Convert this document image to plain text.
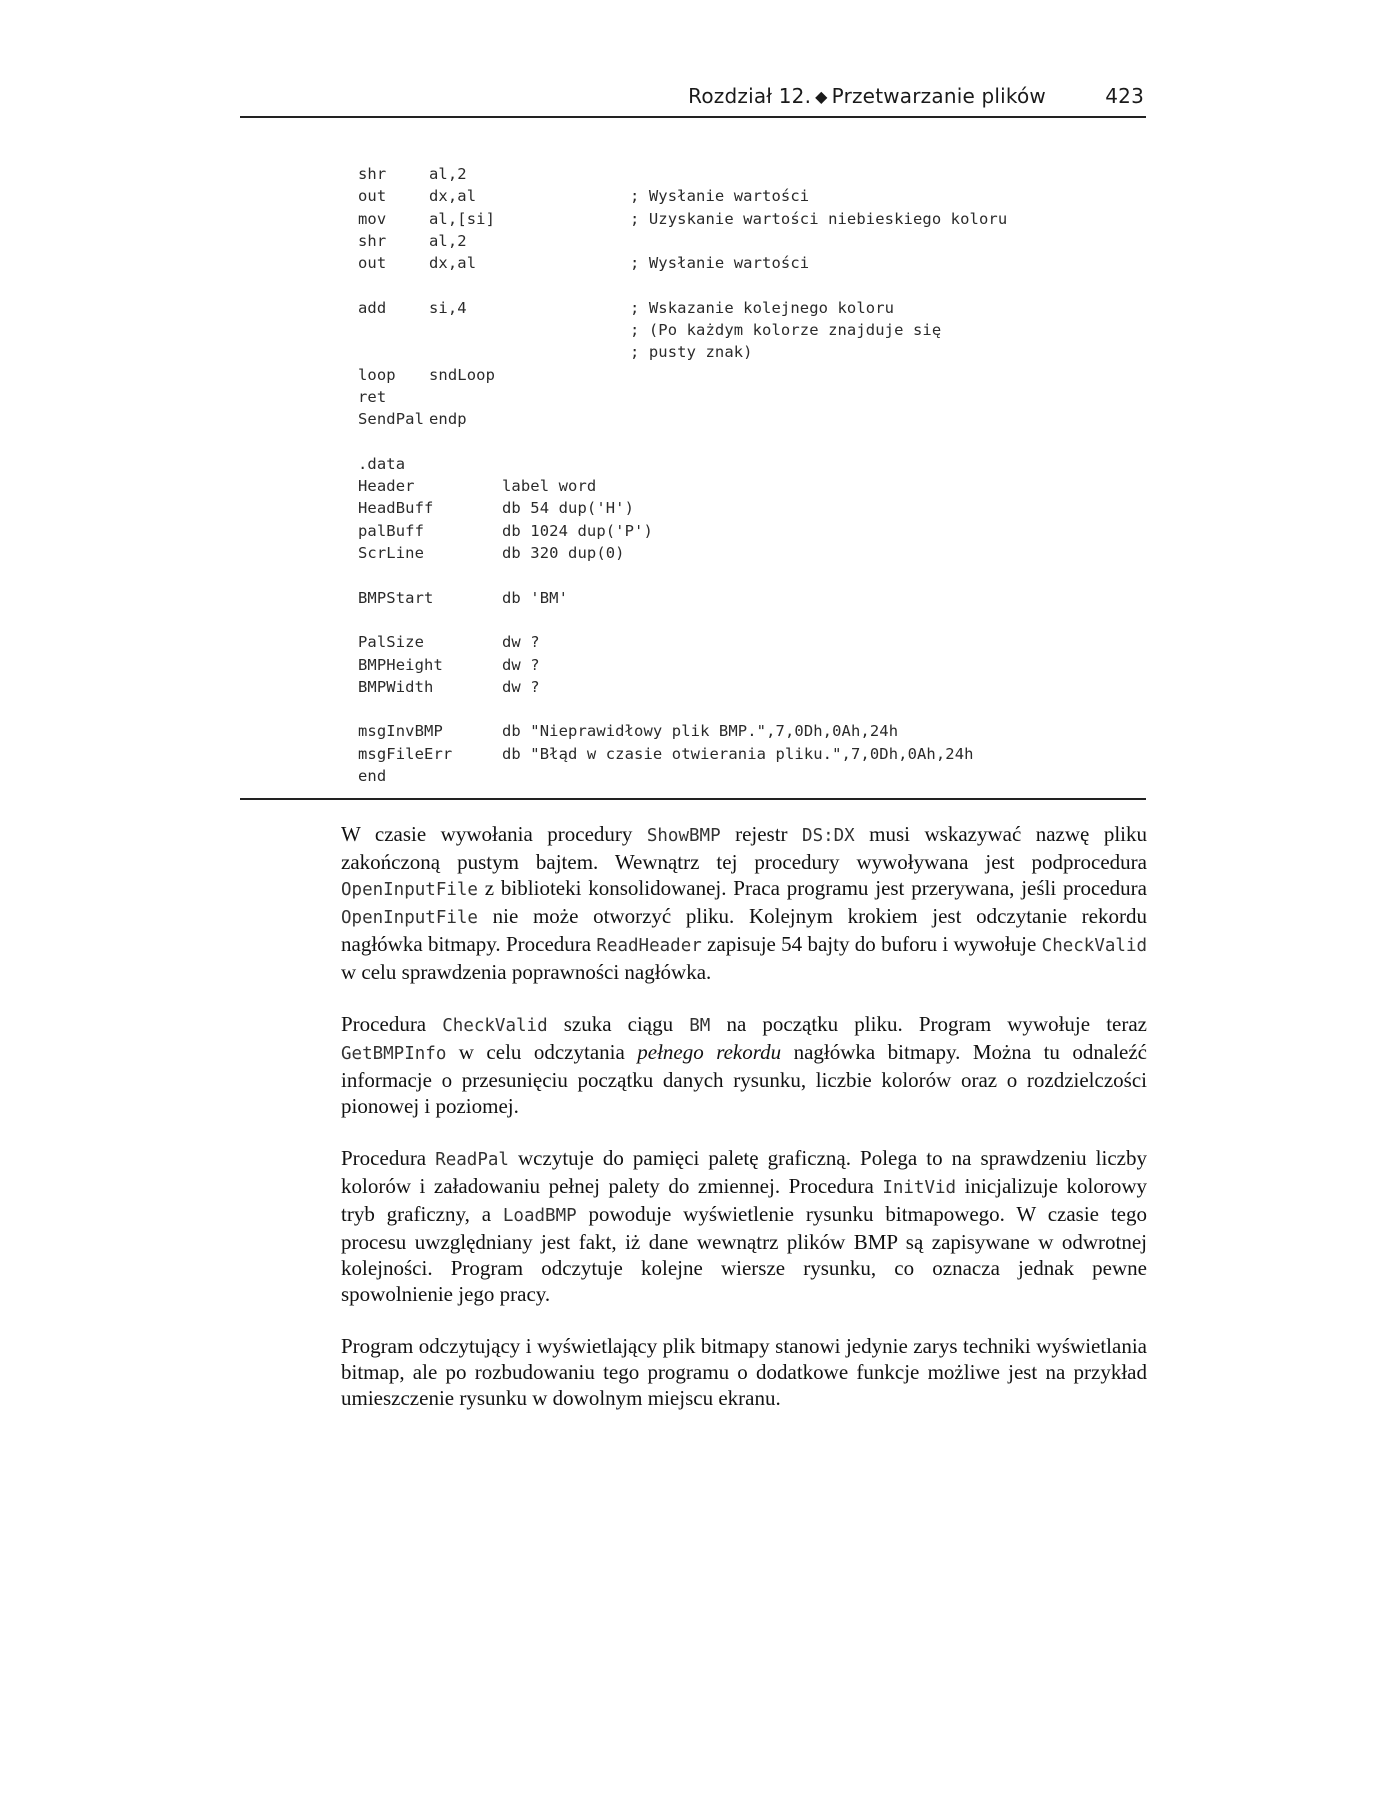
Rozdział 12. ◆ Przetwarzanie plików	423
shr	al,2
out	dx,al	; Wysłanie wartości
mov	al,[si]	; Uzyskanie wartości niebieskiego koloru
shr	al,2
out	dx,al	; Wysłanie wartości
add	si,4	; Wskazanie kolejnego koloru
; (Po każdym kolorze znajduje się
; pusty znak)
loop sndLoop
ret
SendPal endp
.data
Header	label word
HeadBuff	db 54 dup('H')
palBuff	db 1024 dup('P')
ScrLine	db 320 dup(0)
BMPStart	db 'BM'
PalSize	dw ?
BMPHeight	dw ?
BMPWidth	dw ?
msgInvBMP	db "Nieprawidłowy plik BMP.",7,0Dh,0Ah,24h
msgFileErr	db "Błąd w czasie otwierania pliku.",7,0Dh,0Ah,24h
end

W czasie wywołania procedury ShowBMP rejestr DS:DX musi wskazywać nazwę pliku zakończoną pustym bajtem. Wewnątrz tej procedury wywoływana jest podprocedura OpenInputFile z biblioteki konsolidowanej. Praca programu jest przerywana, jeśli procedura OpenInputFile nie może otworzyć pliku. Kolejnym krokiem jest odczytanie rekordu nagłówka bitmapy. Procedura ReadHeader zapisuje 54 bajty do buforu i wywołuje CheckValid w celu sprawdzenia poprawności nagłówka.

Procedura CheckValid szuka ciągu BM na początku pliku. Program wywołuje teraz GetBMPInfo w celu odczytania pełnego rekordu nagłówka bitmapy. Można tu odnaleźć informacje o przesunięciu początku danych rysunku, liczbie kolorów oraz o rozdzielczości pionowej i poziomej.

Procedura ReadPal wczytuje do pamięci paletę graficzną. Polega to na sprawdzeniu liczby kolorów i załadowaniu pełnej palety do zmiennej. Procedura InitVid inicjalizuje kolorowy tryb graficzny, a LoadBMP powoduje wyświetlenie rysunku bitmapowego. W czasie tego procesu uwzględniany jest fakt, iż dane wewnątrz plików BMP są zapisywane w odwrotnej kolejności. Program odczytuje kolejne wiersze rysunku, co oznacza jednak pewne spowolnienie jego pracy.

Program odczytujący i wyświetlający plik bitmapy stanowi jedynie zarys techniki wyświetlania bitmap, ale po rozbudowaniu tego programu o dodatkowe funkcje możliwe jest na przykład umieszczenie rysunku w dowolnym miejscu ekranu.
